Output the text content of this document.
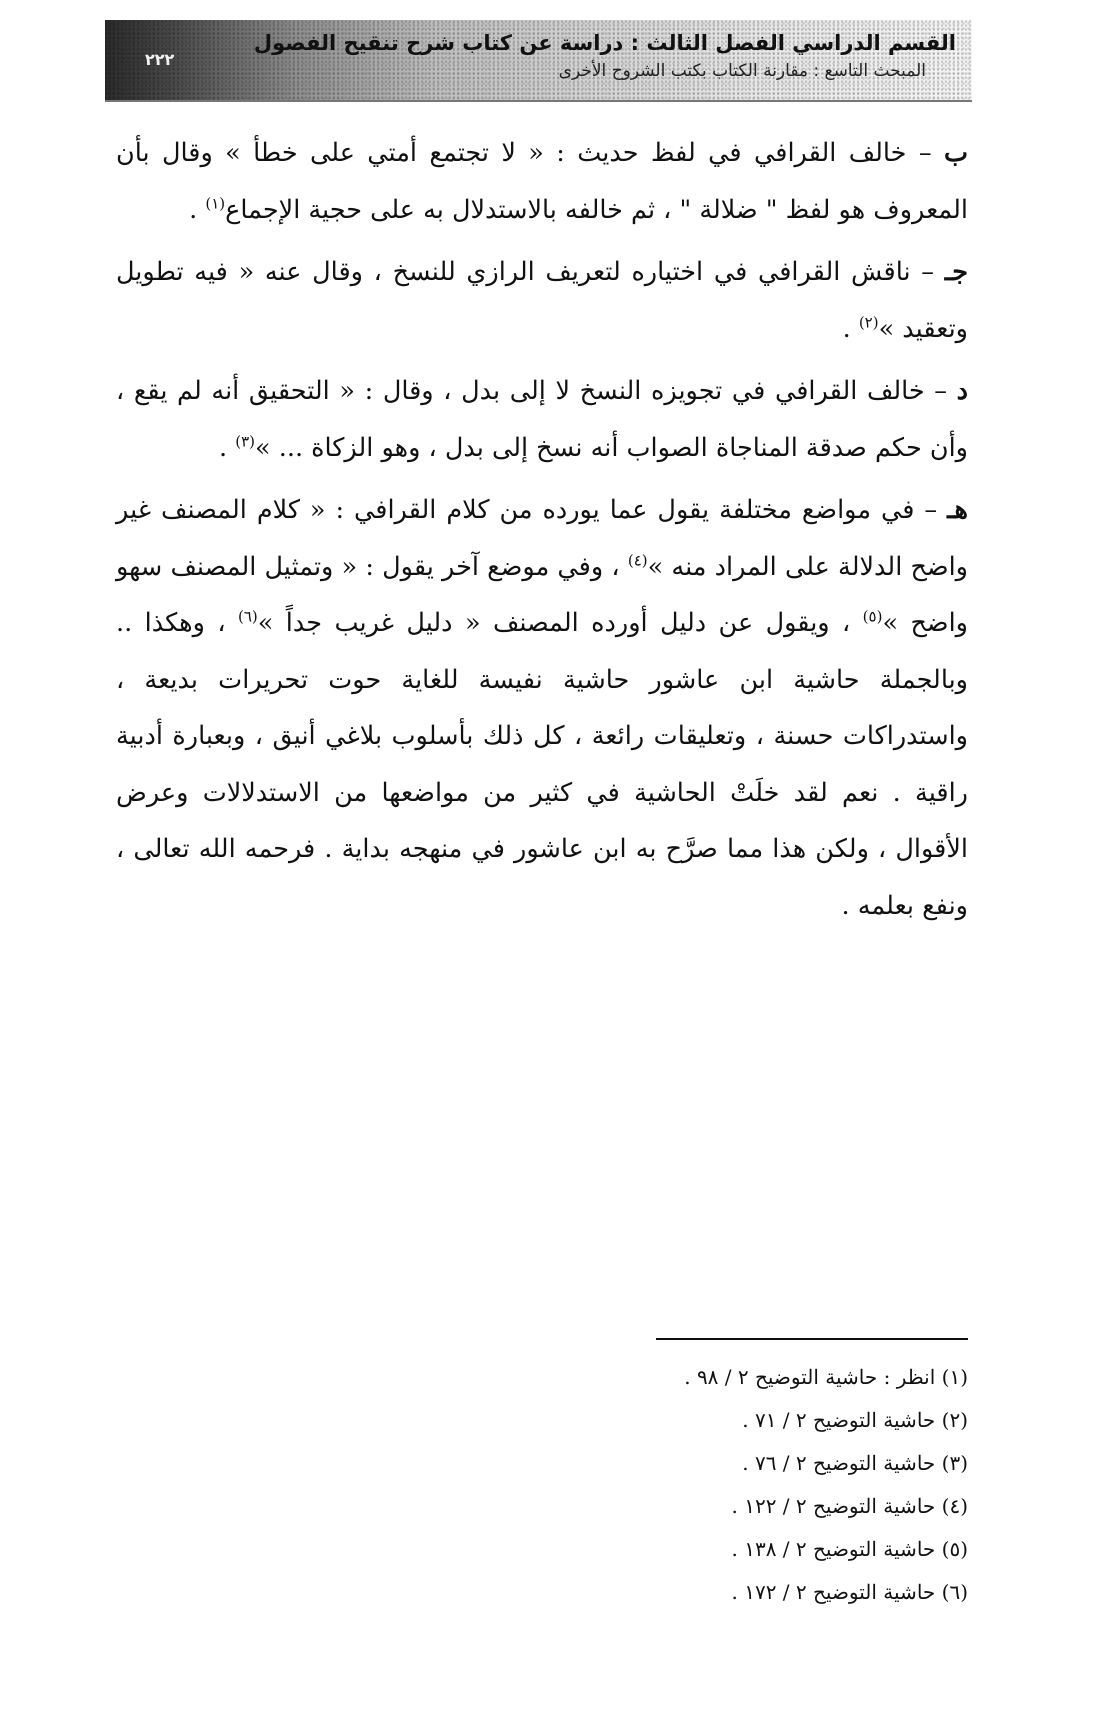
٢٢٢
القسم الدراسي الفصل الثالث : دراسة عن كتاب شرح تنقيح الفصول
المبحث التاسع : مقارنة الكتاب بكتب الشروح الأخرى

ب – خالف القرافي في لفظ حديث : « لا تجتمع أمتي على خطأ » وقال بأن المعروف هو لفظ " ضلالة " ، ثم خالفه بالاستدلال به على حجية الإجماع$^{(١)}$ .

جـ – ناقش القرافي في اختياره لتعريف الرازي للنسخ ، وقال عنه « فيه تطويل وتعقيد »$^{(٢)}$ .

د – خالف القرافي في تجويزه النسخ لا إلى بدل ، وقال : « التحقيق أنه لم يقع ، وأن حكم صدقة المناجاة الصواب أنه نسخ إلى بدل ، وهو الزكاة ... »$^{(٣)}$ .

هـ – في مواضع مختلفة يقول عما يورده من كلام القرافي : « كلام المصنف غير واضح الدلالة على المراد منه »$^{(٤)}$ ، وفي موضع آخر يقول : « وتمثيل المصنف سهو واضح »$^{(٥)}$ ، ويقول عن دليل أورده المصنف « دليل غريب جداً »$^{(٦)}$ ، وهكذا .. وبالجملة حاشية ابن عاشور حاشية نفيسة للغاية حوت تحريرات بديعة ، واستدراكات حسنة ، وتعليقات رائعة ، كل ذلك بأسلوب بلاغي أنيق ، وبعبارة أدبية راقية . نعم لقد خلَتْ الحاشية في كثير من مواضعها من الاستدلالات وعرض الأقوال ، ولكن هذا مما صرَّح به ابن عاشور في منهجه بداية . فرحمه الله تعالى ، ونفع بعلمه .

(١) انظر : حاشية التوضيح ٢ / ٩٨ .
(٢) حاشية التوضيح ٢ / ٧١ .
(٣) حاشية التوضيح ٢ / ٧٦ .
(٤) حاشية التوضيح ٢ / ١٢٢ .
(٥) حاشية التوضيح ٢ / ١٣٨ .
(٦) حاشية التوضيح ٢ / ١٧٢ .
